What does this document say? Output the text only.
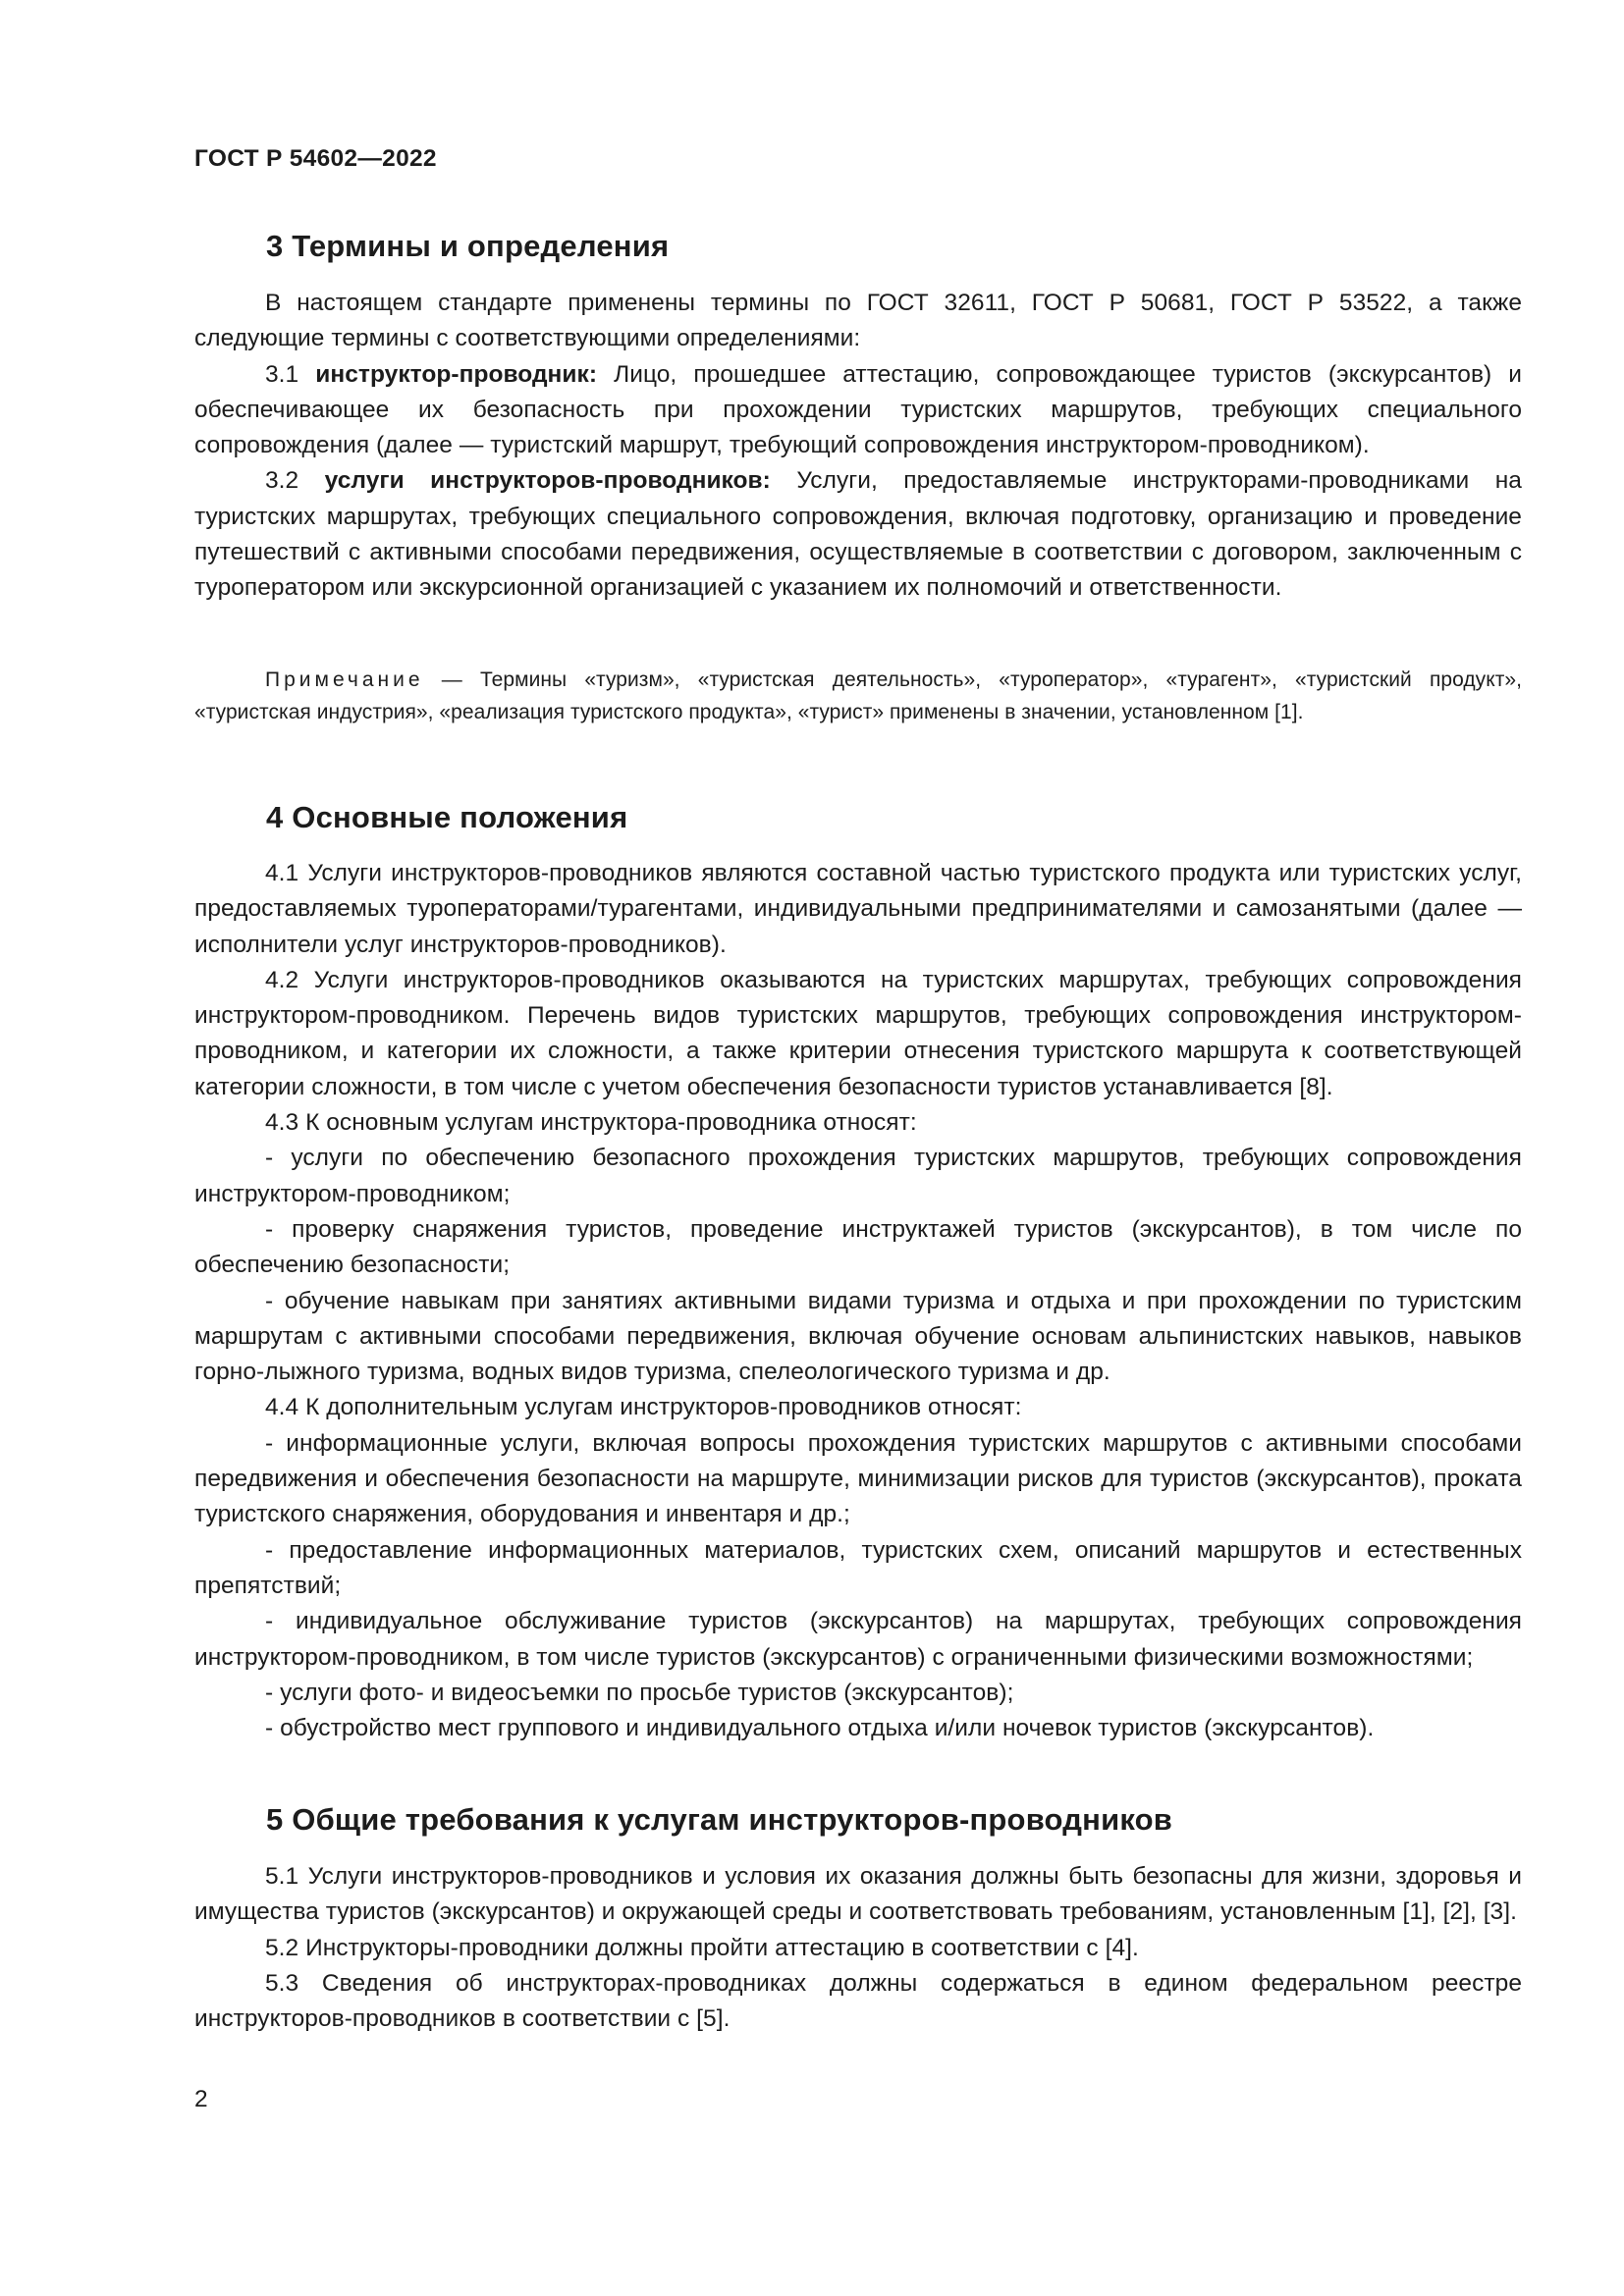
ГОСТ Р 54602—2022
3 Термины и определения

В настоящем стандарте применены термины по ГОСТ 32611, ГОСТ Р 50681, ГОСТ Р 53522, а также следующие термины с соответствующими определениями:

3.1 инструктор-проводник: Лицо, прошедшее аттестацию, сопровождающее туристов (экскурсантов) и обеспечивающее их безопасность при прохождении туристских маршрутов, требующих специального сопровождения (далее — туристский маршрут, требующий сопровождения инструктором-проводником).

3.2 услуги инструкторов-проводников: Услуги, предоставляемые инструкторами-проводниками на туристских маршрутах, требующих специального сопровождения, включая подготовку, организацию и проведение путешествий с активными способами передвижения, осуществляемые в соответствии с договором, заключенным с туроператором или экскурсионной организацией с указанием их полномочий и ответственности.

Примечание — Термины «туризм», «туристская деятельность», «туроператор», «турагент», «туристский продукт», «туристская индустрия», «реализация туристского продукта», «турист» применены в значении, установленном [1].

4 Основные положения

4.1 Услуги инструкторов-проводников являются составной частью туристского продукта или туристских услуг, предоставляемых туроператорами/турагентами, индивидуальными предпринимателями и самозанятыми (далее — исполнители услуг инструкторов-проводников).

4.2 Услуги инструкторов-проводников оказываются на туристских маршрутах, требующих сопровождения инструктором-проводником. Перечень видов туристских маршрутов, требующих сопровождения инструктором-проводником, и категории их сложности, а также критерии отнесения туристского маршрута к соответствующей категории сложности, в том числе с учетом обеспечения безопасности туристов устанавливается [8].

4.3 К основным услугам инструктора-проводника относят:

- услуги по обеспечению безопасного прохождения туристских маршрутов, требующих сопровождения инструктором-проводником;

- проверку снаряжения туристов, проведение инструктажей туристов (экскурсантов), в том числе по обеспечению безопасности;

- обучение навыкам при занятиях активными видами туризма и отдыха и при прохождении по туристским маршрутам с активными способами передвижения, включая обучение основам альпинистских навыков, навыков горно-лыжного туризма, водных видов туризма, спелеологического туризма и др.

4.4 К дополнительным услугам инструкторов-проводников относят:

- информационные услуги, включая вопросы прохождения туристских маршрутов с активными способами передвижения и обеспечения безопасности на маршруте, минимизации рисков для туристов (экскурсантов), проката туристского снаряжения, оборудования и инвентаря и др.;

- предоставление информационных материалов, туристских схем, описаний маршрутов и естественных препятствий;

- индивидуальное обслуживание туристов (экскурсантов) на маршрутах, требующих сопровождения инструктором-проводником, в том числе туристов (экскурсантов) с ограниченными физическими возможностями;

- услуги фото- и видеосъемки по просьбе туристов (экскурсантов);

- обустройство мест группового и индивидуального отдыха и/или ночевок туристов (экскурсантов).

5 Общие требования к услугам инструкторов-проводников

5.1 Услуги инструкторов-проводников и условия их оказания должны быть безопасны для жизни, здоровья и имущества туристов (экскурсантов) и окружающей среды и соответствовать требованиям, установленным [1], [2], [3].

5.2 Инструкторы-проводники должны пройти аттестацию в соответствии с [4].

5.3 Сведения об инструкторах-проводниках должны содержаться в едином федеральном реестре инструкторов-проводников в соответствии с [5].

2
